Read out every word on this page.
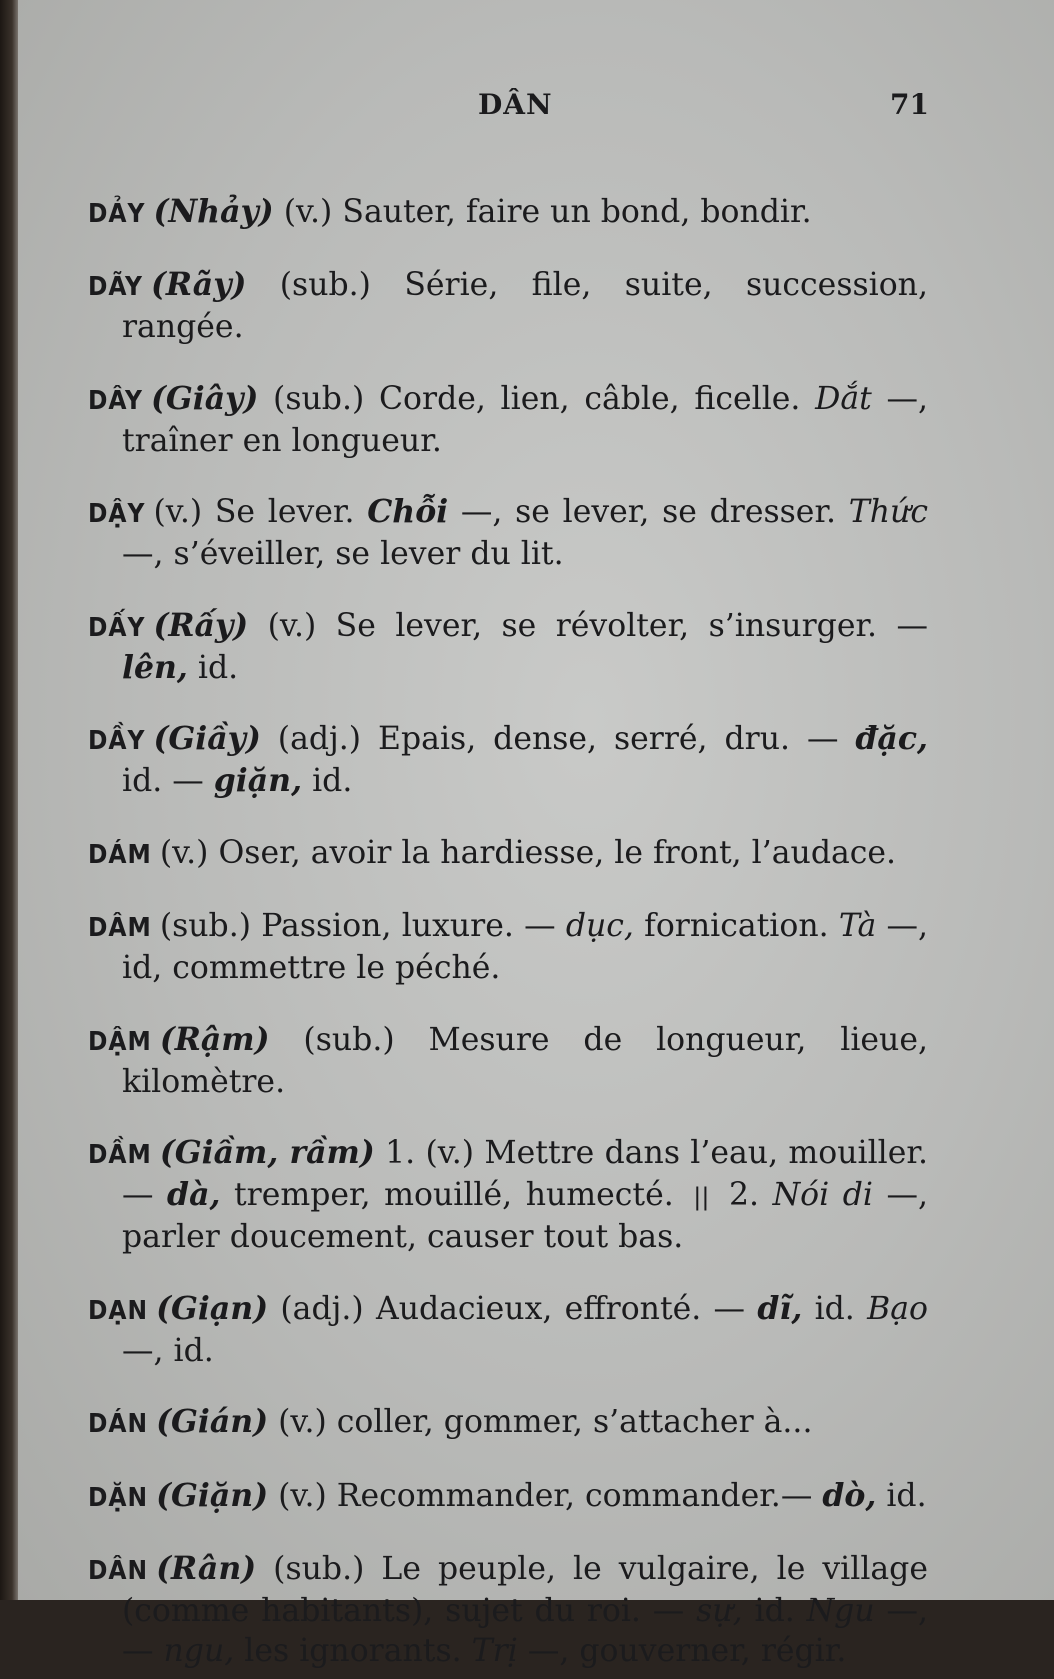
DÂN	71

DẢY (Nhảy) (v.) Sauter, faire un bond, bondir.

DÃY (Rãy) (sub.) Série, file, suite, succession, rangée.

DÂY (Giây) (sub.) Corde, lien, câble, ficelle. Dắt —, traîner en longueur.

DẬY (v.) Se lever. Chỗi —, se lever, se dresser. Thức —, s’éveiller, se lever du lit.

DẤY (Rấy) (v.) Se lever, se révolter, s’insurger. — lên, id.

DẦY (Giầy) (adj.) Epais, dense, serré, dru. — đặc, id. — giặn, id.

DÁM (v.) Oser, avoir la hardiesse, le front, l’audace.

DÂM (sub.) Passion, luxure. — dục, fornication. Tà —, id, commettre le péché.

DẬM (Rậm) (sub.) Mesure de longueur, lieue, kilomètre.

DẦM (Giầm, rầm) 1. (v.) Mettre dans l’eau, mouiller. — dà, tremper, mouillé, humecté. || 2. Nói di —, parler doucement, causer tout bas.

DẠN (Giạn) (adj.) Audacieux, effronté. — dĩ, id. Bạo —, id.

DÁN (Gián) (v.) coller, gommer, s’attacher à...

DẶN (Giặn) (v.) Recommander, commander.— dò, id.

DÂN (Rân) (sub.) Le peuple, le vulgaire, le village (comme habitants), sujet du roi. — sự, id. Ngu —, — ngu, les ignorants. Trị —, gouverner, régir.
